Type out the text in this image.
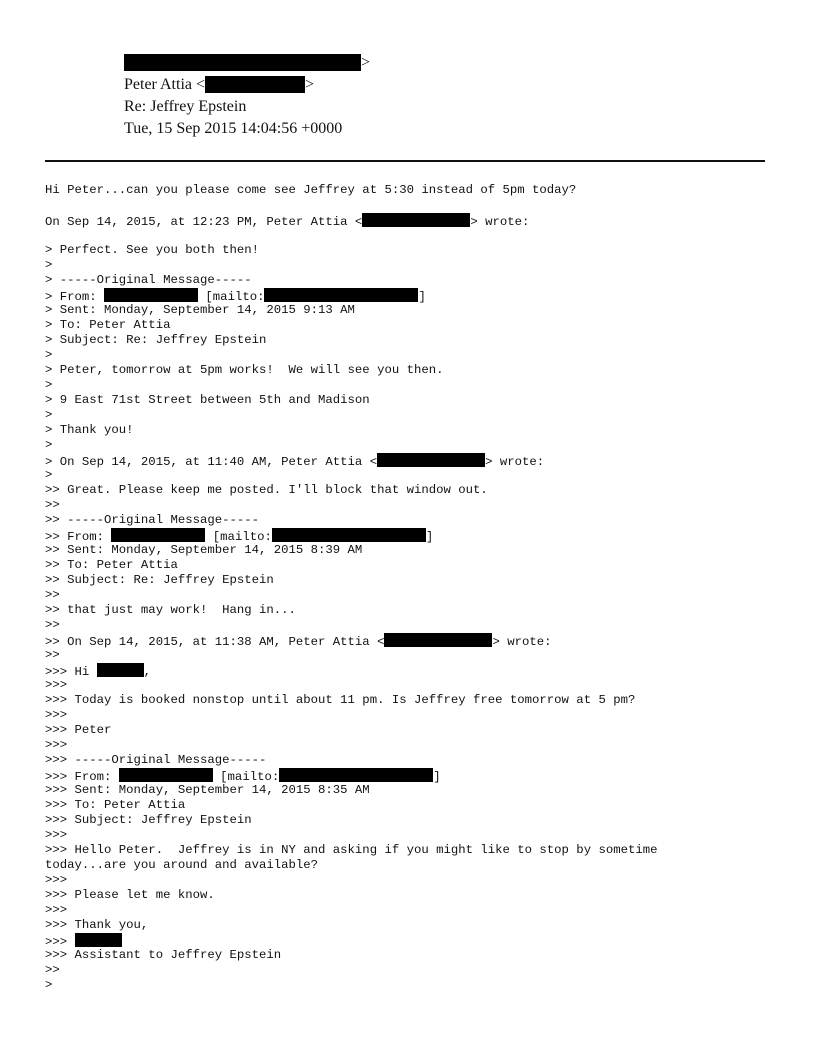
>
Peter Attia <	>
Re: Jeffrey Epstein
Tue, 15 Sep 2015 14:04:56 +0000
Hi Peter...can you please come see Jeffrey at 5:30 instead of 5pm today?
On Sep 14, 2015, at 12:23 PM, Peter Attia <	> wrote:
> Perfect. See you both then!
>
> -----Original Message-----
> From:	[mailto:	]
> Sent: Monday, September 14, 2015 9:13 AM
> To: Peter Attia
> Subject: Re: Jeffrey Epstein
>
> Peter, tomorrow at 5pm works!  We will see you then.
>
> 9 East 71st Street between 5th and Madison
>
> Thank you!
>
> On Sep 14, 2015, at 11:40 AM, Peter Attia <	> wrote:
>
>> Great. Please keep me posted. I'll block that window out.
>>
>> -----Original Message-----
>> From:	[mailto:	]
>> Sent: Monday, September 14, 2015 8:39 AM
>> To: Peter Attia
>> Subject: Re: Jeffrey Epstein
>>
>> that just may work!  Hang in...
>>
>> On Sep 14, 2015, at 11:38 AM, Peter Attia <	> wrote:
>>
>>> Hi	,
>>>
>>> Today is booked nonstop until about 11 pm. Is Jeffrey free tomorrow at 5 pm?
>>>
>>> Peter
>>>
>>> -----Original Message-----
>>> From:	[mailto:	]
>>> Sent: Monday, September 14, 2015 8:35 AM
>>> To: Peter Attia
>>> Subject: Jeffrey Epstein
>>>
>>> Hello Peter.  Jeffrey is in NY and asking if you might like to stop by sometime
today...are you around and available?
>>>
>>> Please let me know.
>>>
>>> Thank you,
>>>
>>> Assistant to Jeffrey Epstein
>>
>
